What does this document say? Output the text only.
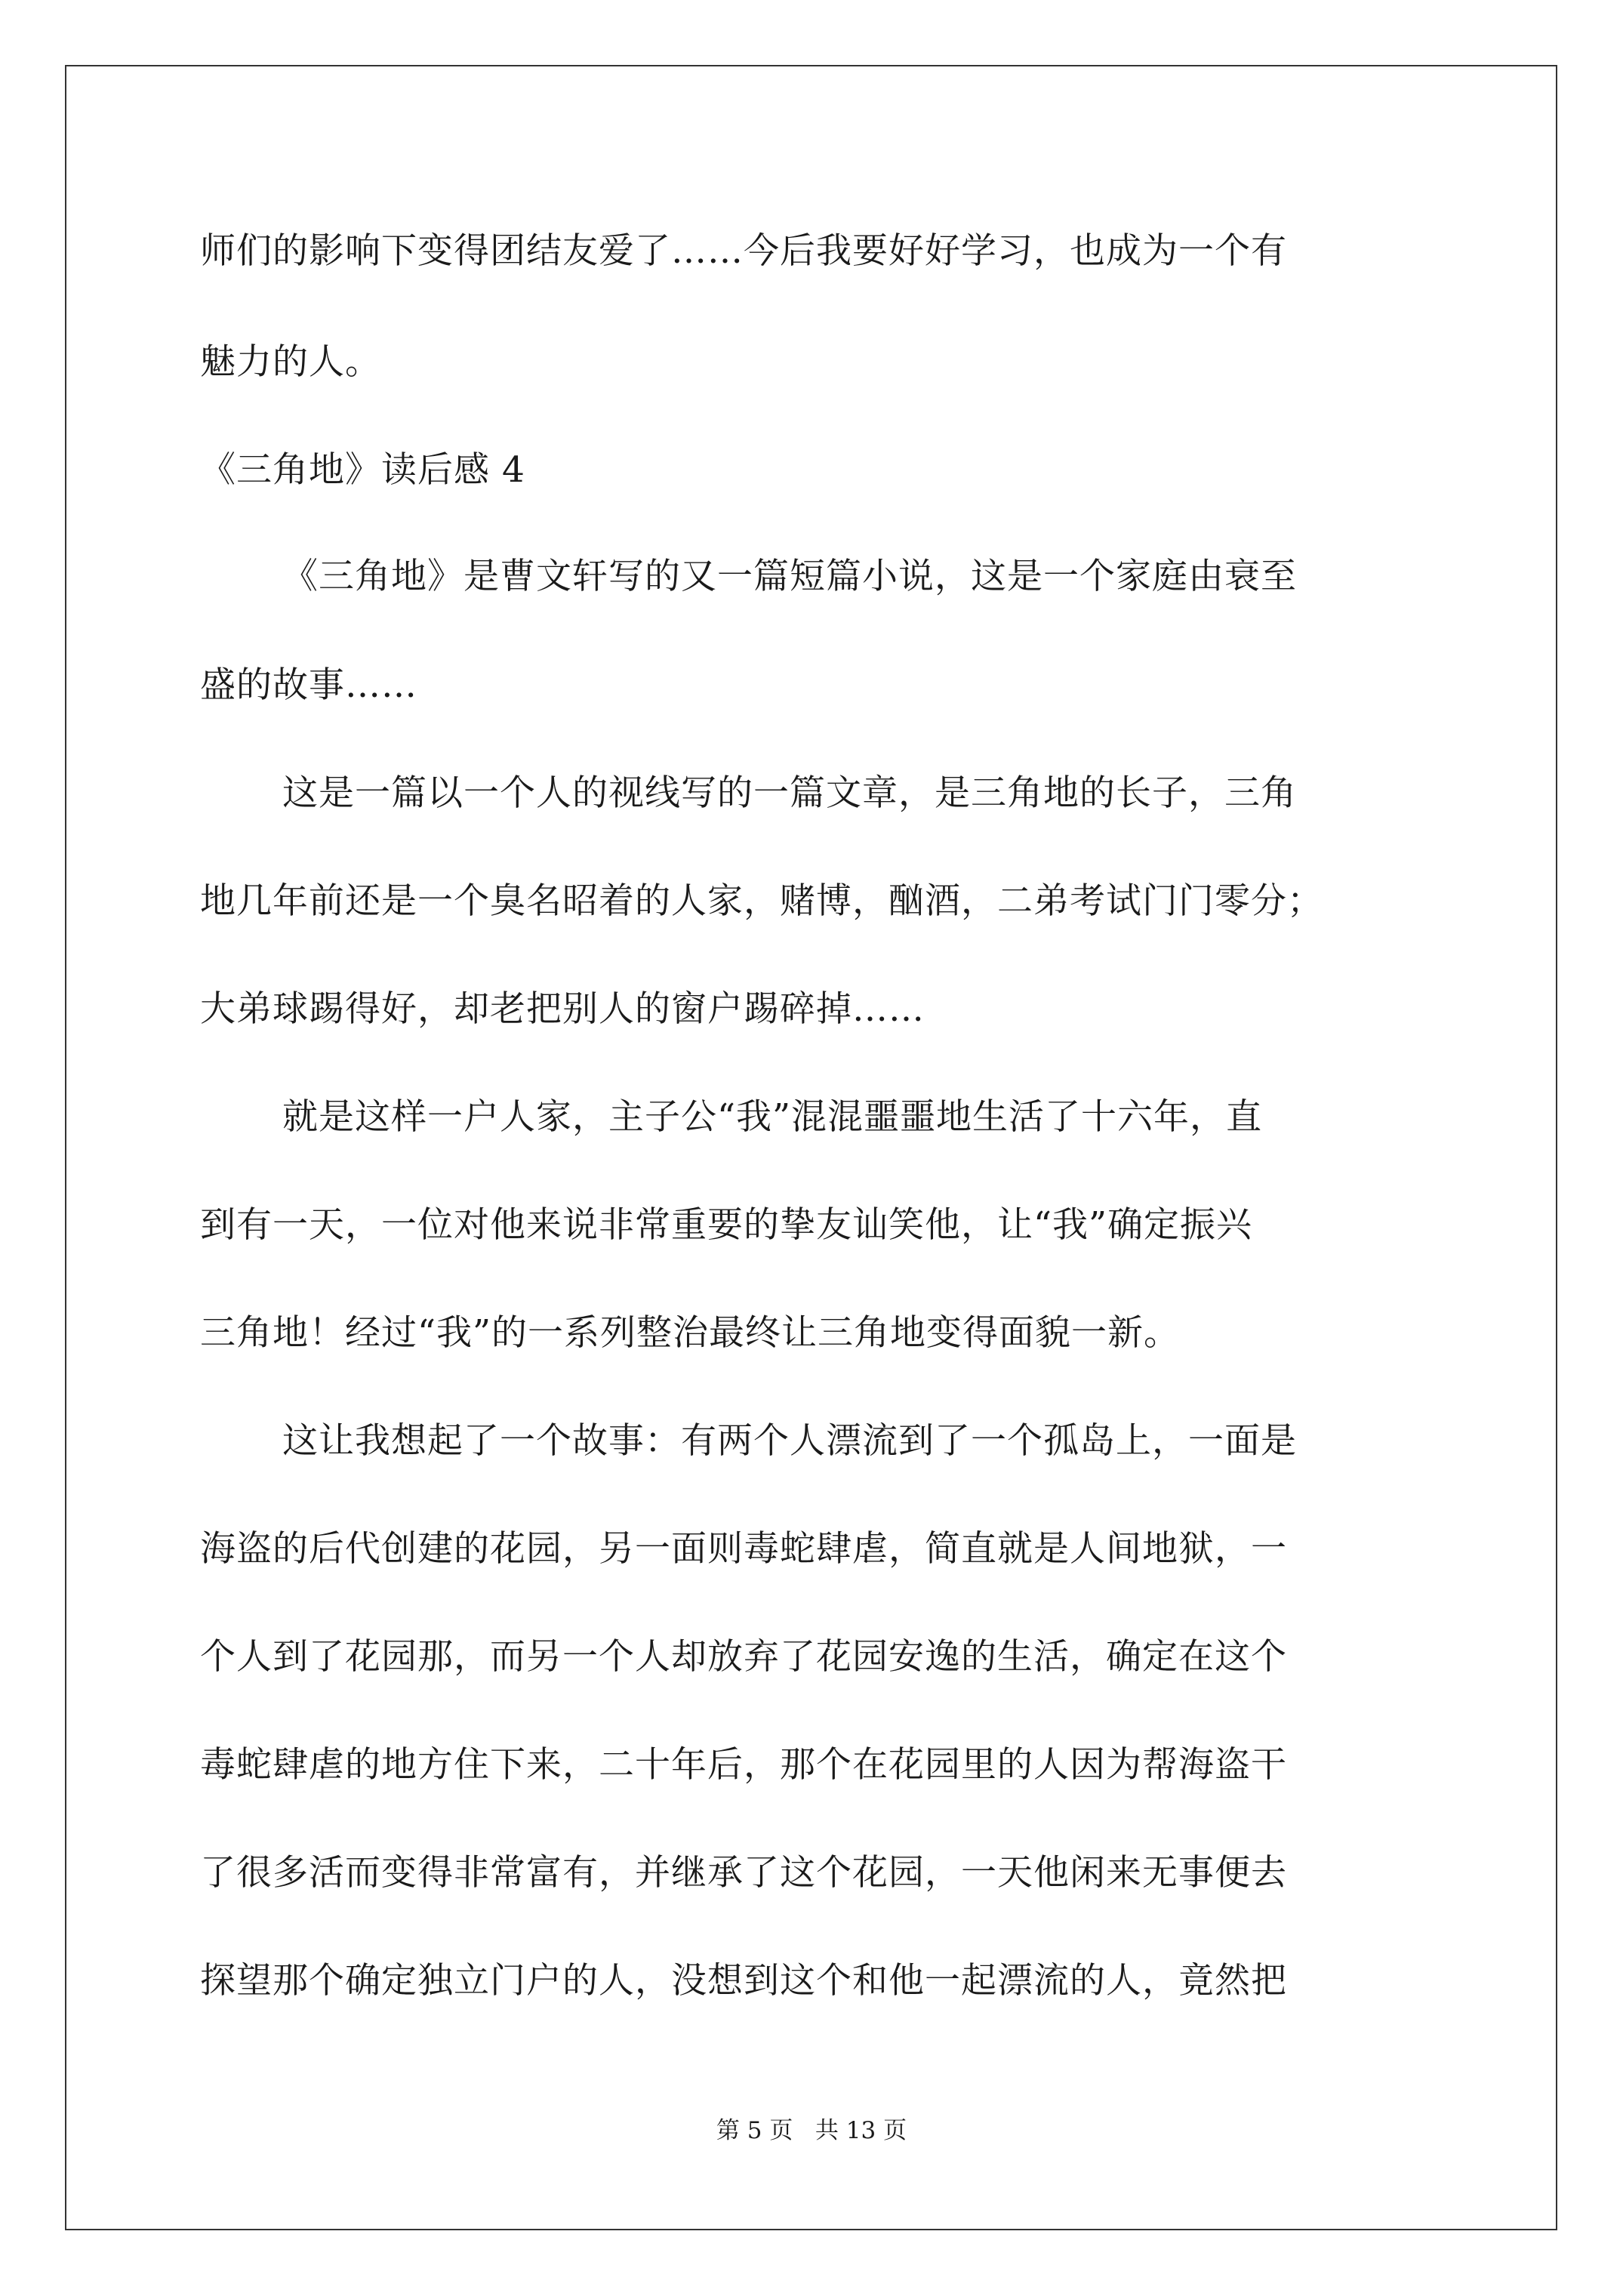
师们的影响下变得团结友爱了……今后我要好好学习，也成为一个有
魅力的人。
《三角地》读后感 4
《三角地》是曹文轩写的又一篇短篇小说，这是一个家庭由衰至
盛的故事……
这是一篇以一个人的视线写的一篇文章，是三角地的长子，三角
地几年前还是一个臭名昭着的人家，赌博，酗酒，二弟考试门门零分；
大弟球踢得好，却老把别人的窗户踢碎掉……
就是这样一户人家，主子公“我”混混噩噩地生活了十六年，直
到有一天，一位对他来说非常重要的挚友讪笑他，让“我”确定振兴
三角地！经过“我”的一系列整治最终让三角地变得面貌一新。
这让我想起了一个故事：有两个人漂流到了一个孤岛上，一面是
海盗的后代创建的花园，另一面则毒蛇肆虐，简直就是人间地狱，一
个人到了花园那，而另一个人却放弃了花园安逸的生活，确定在这个
毒蛇肆虐的地方住下来，二十年后，那个在花园里的人因为帮海盗干
了很多活而变得非常富有，并继承了这个花园，一天他闲来无事便去
探望那个确定独立门户的人，没想到这个和他一起漂流的人，竟然把
第 5 页   共 13 页
